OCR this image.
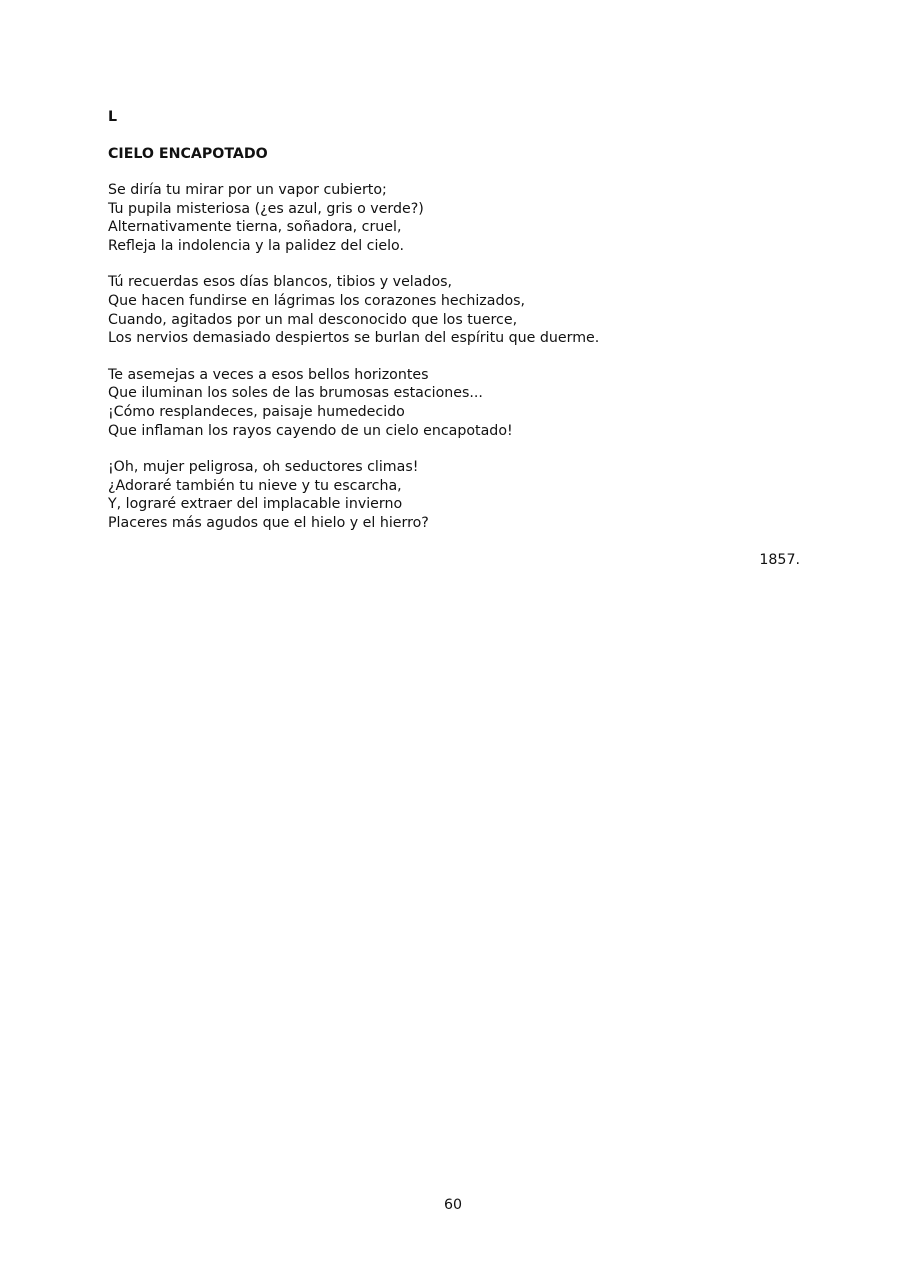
L
CIELO ENCAPOTADO
Se diría tu mirar por un vapor cubierto;
Tu pupila misteriosa (¿es azul, gris o verde?)
Alternativamente tierna, soñadora, cruel,
Refleja la indolencia y la palidez del cielo.
Tú recuerdas esos días blancos, tibios y velados,
Que hacen fundirse en lágrimas los corazones hechizados,
Cuando, agitados por un mal desconocido que los tuerce,
Los nervios demasiado despiertos se burlan del espíritu que duerme.
Te asemejas a veces a esos bellos horizontes
Que iluminan los soles de las brumosas estaciones...
¡Cómo resplandeces, paisaje humedecido
Que inflaman los rayos cayendo de un cielo encapotado!
¡Oh, mujer peligrosa, oh seductores climas!
¿Adoraré también tu nieve y tu escarcha,
Y, lograré extraer del implacable invierno
Placeres más agudos que el hielo y el hierro?
1857.
60
